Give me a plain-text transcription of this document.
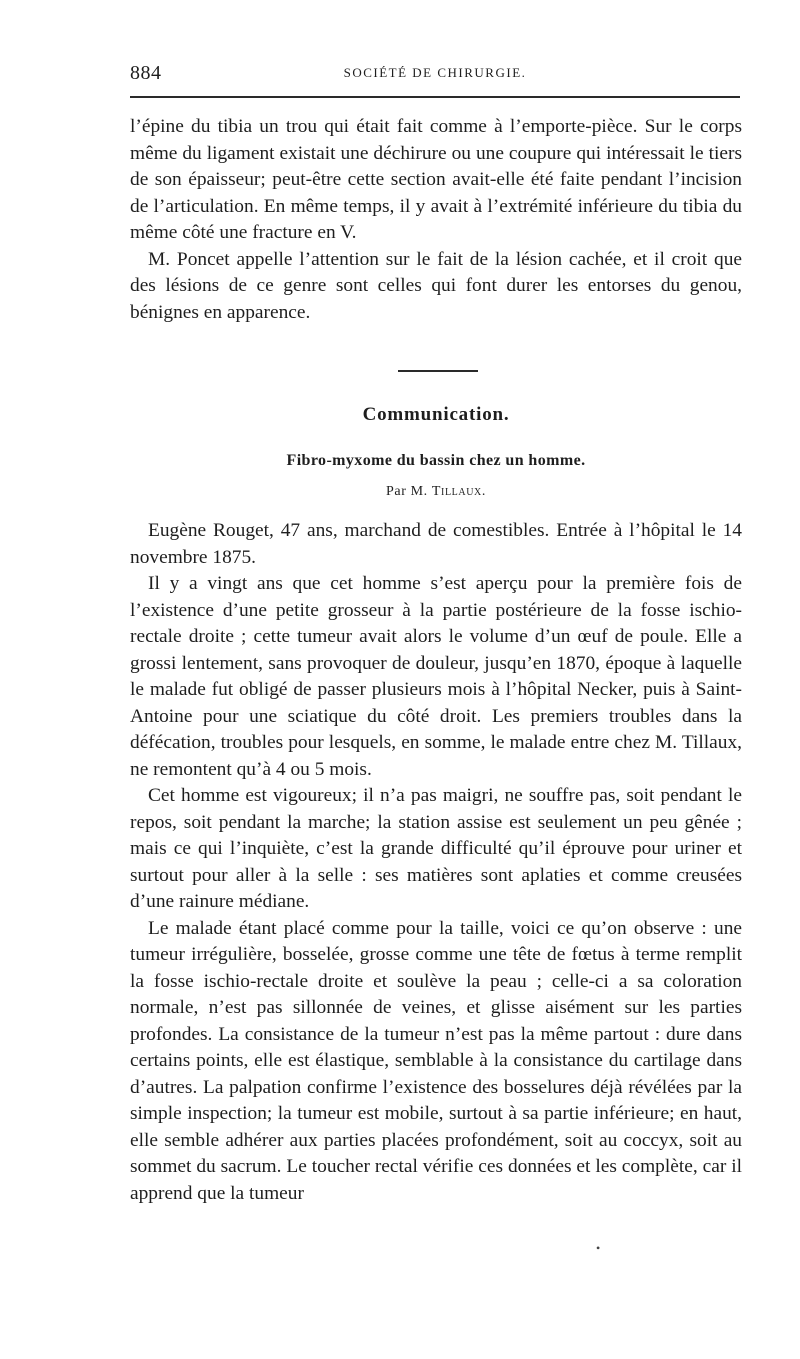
884	SOCIÉTÉ DE CHIRURGIE.

l’épine du tibia un trou qui était fait comme à l’emporte-pièce. Sur le corps même du ligament existait une déchirure ou une coupure qui intéressait le tiers de son épaisseur; peut-être cette section avait-elle été faite pendant l’incision de l’articulation. En même temps, il y avait à l’extrémité inférieure du tibia du même côté une fracture en V.

M. Poncet appelle l’attention sur le fait de la lésion cachée, et il croit que des lésions de ce genre sont celles qui font durer les entorses du genou, bénignes en apparence.

Communication.
Fibro-myxome du bassin chez un homme.
Par M. Tillaux.

Eugène Rouget, 47 ans, marchand de comestibles. Entrée à l’hôpital le 14 novembre 1875.

Il y a vingt ans que cet homme s’est aperçu pour la première fois de l’existence d’une petite grosseur à la partie postérieure de la fosse ischio-rectale droite ; cette tumeur avait alors le volume d’un œuf de poule. Elle a grossi lentement, sans provoquer de douleur, jusqu’en 1870, époque à laquelle le malade fut obligé de passer plusieurs mois à l’hôpital Necker, puis à Saint-Antoine pour une sciatique du côté droit. Les premiers troubles dans la défécation, troubles pour lesquels, en somme, le malade entre chez M. Tillaux, ne remontent qu’à 4 ou 5 mois.

Cet homme est vigoureux; il n’a pas maigri, ne souffre pas, soit pendant le repos, soit pendant la marche; la station assise est seulement un peu gênée ; mais ce qui l’inquiète, c’est la grande difficulté qu’il éprouve pour uriner et surtout pour aller à la selle : ses matières sont aplaties et comme creusées d’une rainure médiane.

Le malade étant placé comme pour la taille, voici ce qu’on observe : une tumeur irrégulière, bosselée, grosse comme une tête de fœtus à terme remplit la fosse ischio-rectale droite et soulève la peau ; celle-ci a sa coloration normale, n’est pas sillonnée de veines, et glisse aisément sur les parties profondes. La consistance de la tumeur n’est pas la même partout : dure dans certains points, elle est élastique, semblable à la consistance du cartilage dans d’autres. La palpation confirme l’existence des bosselures déjà révélées par la simple inspection; la tumeur est mobile, surtout à sa partie inférieure; en haut, elle semble adhérer aux parties placées profondément, soit au coccyx, soit au sommet du sacrum. Le toucher rectal vérifie ces données et les complète, car il apprend que la tumeur

•
